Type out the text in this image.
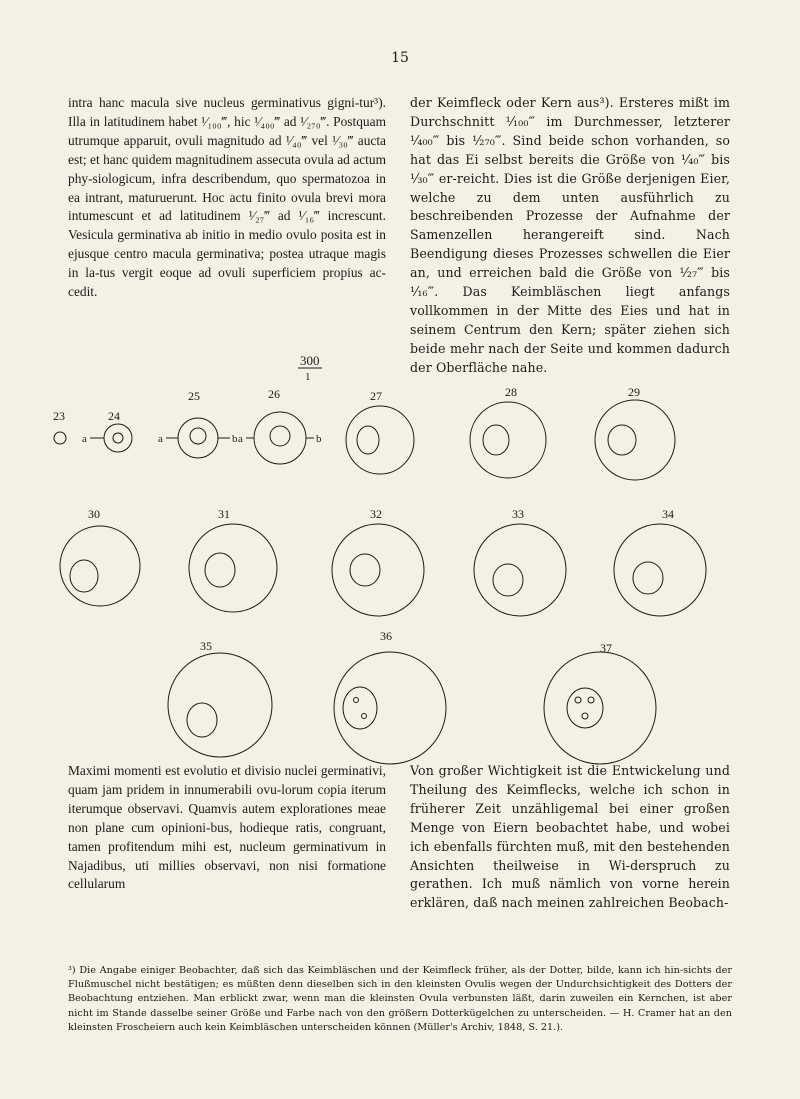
15
intra hanc macula sive nucleus germinativus gigni-tur³). Illa in latitudinem habet ¹⁄₁₀₀‴, hic ¹⁄₄₀₀‴ ad ¹⁄₂₇₀‴. Postquam utrumque apparuit, ovuli magnitudo ad ¹⁄₄₀‴ vel ¹⁄₃₀‴ aucta est; et hanc quidem magnitudinem assecuta ovula ad actum phy-siologicum, infra describendum, quo spermatozoa in ea intrant, maturuerunt. Hoc actu finito ovula brevi mora intumescunt et ad latitudinem ¹⁄₂₇‴ ad ¹⁄₁₆‴ increscunt. Vesicula germinativa ab initio in medio ovulo posita est in ejusque centro macula germinativa; postea utraque magis in la-tus vergit eoque ad ovuli superficiem propius ac-cedit.
der Keimfleck oder Kern aus³). Ersteres mißt im Durchschnitt ¹⁄₁₀₀‴ im Durchmesser, letzterer ¹⁄₄₀₀‴ bis ¹⁄₂₇₀‴. Sind beide schon vorhanden, so hat das Ei selbst bereits die Größe von ¹⁄₄₀‴ bis ¹⁄₃₀‴ er-reicht. Dies ist die Größe derjenigen Eier, welche zu dem unten ausführlich zu beschreibenden Prozesse der Aufnahme der Samenzellen herangereift sind. Nach Beendigung dieses Prozesses schwellen die Eier an, und erreichen bald die Größe von ¹⁄₂₇‴ bis ¹⁄₁₆‴. Das Keimbläschen liegt anfangs vollkommen in der Mitte des Eies und hat in seinem Centrum den Kern; später ziehen sich beide mehr nach der Seite und kommen dadurch der Oberfläche nahe.
300
1
23	24
a
25
a	b
26
a	b
27	28	29
30	31	32	33	34
35
36
37
Maximi momenti est evolutio et divisio nuclei germinativi, quam jam pridem in innumerabili ovu-lorum copia iterum iterumque observavi. Quamvis autem explorationes meae non plane cum opinioni-bus, hodieque ratis, congruant, tamen profitendum mihi est, nucleum germinativum in Najadibus, uti millies observavi, non nisi formatione cellularum
Von großer Wichtigkeit ist die Entwickelung und Theilung des Keimflecks, welche ich schon in früherer Zeit unzähligemal bei einer großen Menge von Eiern beobachtet habe, und wobei ich ebenfalls fürchten muß, mit den bestehenden Ansichten theilweise in Wi-derspruch zu gerathen. Ich muß nämlich von vorne herein erklären, daß nach meinen zahlreichen Beobach-
³) Die Angabe einiger Beobachter, daß sich das Keimbläschen und der Keimfleck früher, als der Dotter, bilde, kann ich hin-sichts der Flußmuschel nicht bestätigen; es müßten denn dieselben sich in den kleinsten Ovulis wegen der Undurchsichtigkeit des Dotters der Beobachtung entziehen. Man erblickt zwar, wenn man die kleinsten Ovula verbunsten läßt, darin zuweilen ein Kernchen, ist aber nicht im Stande dasselbe seiner Größe und Farbe nach von den größern Dotterkügelchen zu unterscheiden. — H. Cramer hat an den kleinsten Froscheiern auch kein Keimbläschen unterscheiden können (Müller's Archiv, 1848, S. 21.).
